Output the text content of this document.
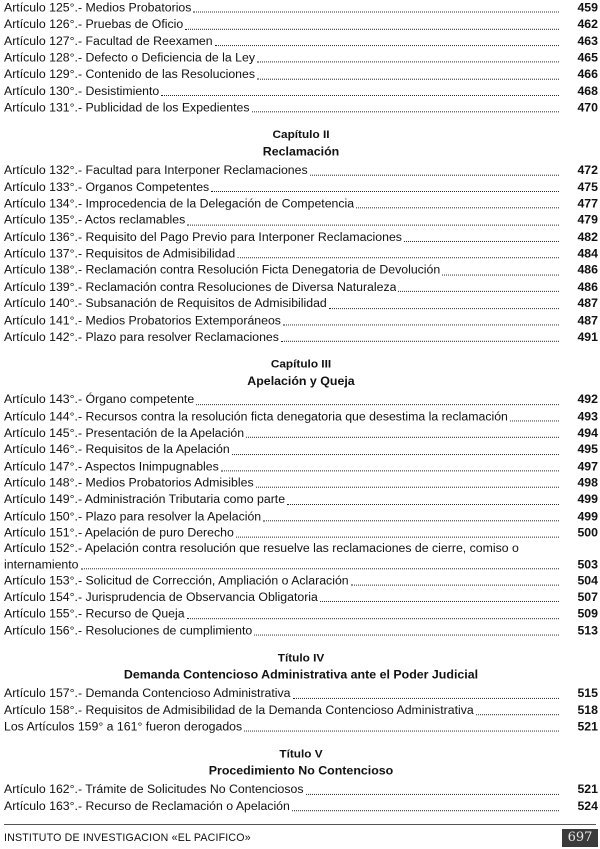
Artículo 125°.- Medios Probatorios	459
Artículo 126°.- Pruebas de Oficio	462
Artículo 127°.- Facultad de Reexamen	463
Artículo 128°.- Defecto o Deficiencia de la Ley	465
Artículo 129°.- Contenido de las Resoluciones	466
Artículo 130°.- Desistimiento	468
Artículo 131°.- Publicidad de los Expedientes	470
Capítulo II
Reclamación
Artículo 132°.- Facultad para Interponer Reclamaciones	472
Artículo 133°.- Organos Competentes	475
Artículo 134°.- Improcedencia de la Delegación de Competencia	477
Artículo 135°.- Actos reclamables	479
Artículo 136°.- Requisito del Pago Previo para Interponer Reclamaciones	482
Artículo 137°.- Requisitos de Admisibilidad	484
Artículo 138°.- Reclamación contra Resolución Ficta Denegatoria de Devolución	486
Artículo 139°.- Reclamación contra Resoluciones de Diversa Naturaleza	486
Artículo 140°.- Subsanación de Requisitos de Admisibilidad	487
Artículo 141°.- Medios Probatorios Extemporáneos	487
Artículo 142°.- Plazo para resolver Reclamaciones	491
Capítulo III
Apelación y Queja
Artículo 143°.- Órgano competente	492
Artículo 144°.- Recursos contra la resolución ficta denegatoria que desestima la reclamación	493
Artículo 145°.- Presentación de la Apelación	494
Artículo 146°.- Requisitos de la Apelación	495
Artículo 147°.- Aspectos Inimpugnables	497
Artículo 148°.- Medios Probatorios Admisibles	498
Artículo 149°.- Administración Tributaria como parte	499
Artículo 150°.- Plazo para resolver la Apelación	499
Artículo 151°.- Apelación de puro Derecho	500
Artículo 152°.- Apelación contra resolución que resuelve las reclamaciones de cierre, comiso o
internamiento	503
Artículo 153°.- Solicitud de Corrección, Ampliación o Aclaración	504
Artículo 154°.- Jurisprudencia de Observancia Obligatoria	507
Artículo 155°.- Recurso de Queja	509
Artículo 156°.- Resoluciones de cumplimiento	513
Título IV
Demanda Contencioso Administrativa ante el Poder Judicial
Artículo 157°.- Demanda Contencioso Administrativa	515
Artículo 158°.- Requisitos de Admisibilidad de la Demanda Contencioso Administrativa	518
Los Artículos 159° a 161° fueron derogados	521
Título V
Procedimiento No Contencioso
Artículo 162°.- Trámite de Solicitudes No Contenciosos	521
Artículo 163°.- Recurso de Reclamación o Apelación	524
INSTITUTO DE INVESTIGACION «EL PACIFICO»	697
